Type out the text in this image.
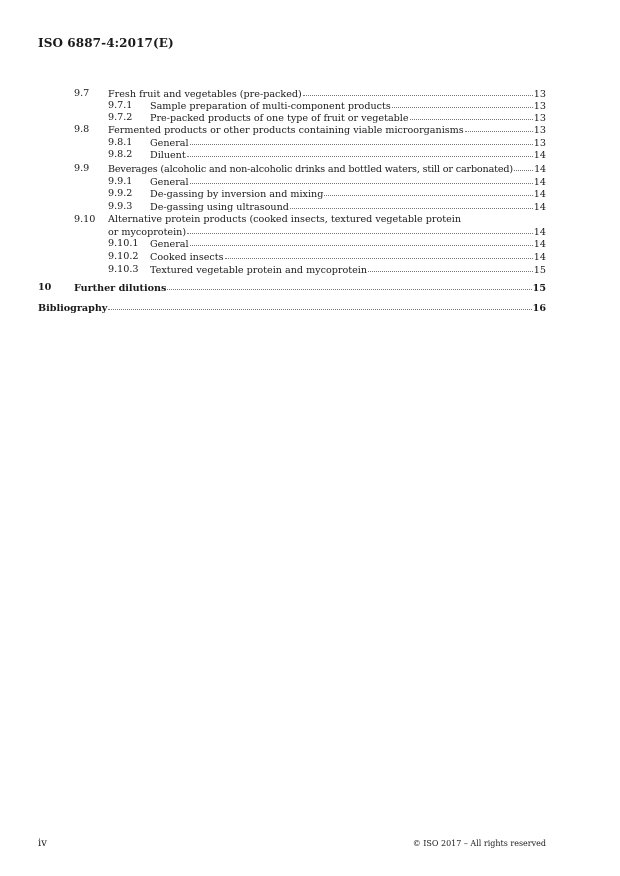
ISO 6887-4:2017(E)
9.7 Fresh fruit and vegetables (pre-packed)	13
9.7.1 Sample preparation of multi-component products	13
9.7.2 Pre-packed products of one type of fruit or vegetable	13
9.8 Fermented products or other products containing viable microorganisms	13
9.8.1 General	13
9.8.2 Diluent	14
9.9 Beverages (alcoholic and non-alcoholic drinks and bottled waters, still or carbonated) 14
9.9.1 General	14
9.9.2 De-gassing by inversion and mixing	14
9.9.3 De-gassing using ultrasound	14
9.10 Alternative protein products (cooked insects, textured vegetable protein
or mycoprotein)	14
9.10.1 General	14
9.10.2 Cooked insects	14
9.10.3 Textured vegetable protein and mycoprotein	15
10 Further dilutions	15
Bibliography	16
iv	© ISO 2017 – All rights reserved
